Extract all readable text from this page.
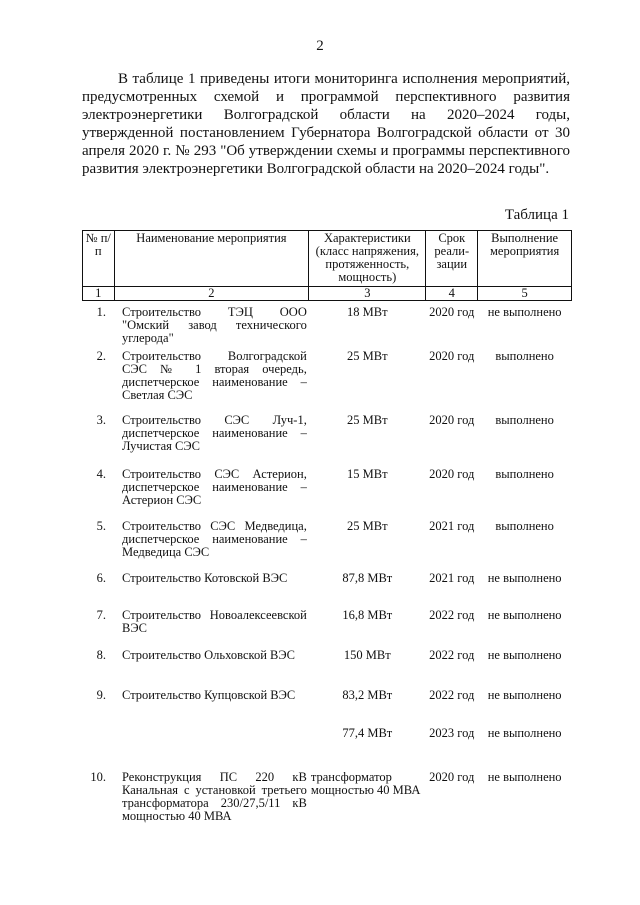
2

В таблице 1 приведены итоги мониторинга исполнения мероприятий, предусмотренных схемой и программой перспективного развития электроэнергетики Волгоградской области на 2020–2024 годы, утвержденной постановлением Губернатора Волгоградской области от 30 апреля 2020 г. № 293 "Об утверждении схемы и программы перспективного развития электроэнергетики Волгоградской области на 2020–2024 годы".

Таблица 1
№ п/п	Наименование мероприятия	Характеристики (класс напряжения, протяженность, мощность)	Срок реали-зации	Выполнение мероприятия
1	2	3	4	5
1.	Строительство ТЭЦ ООО "Омский завод технического углерода"	18 МВт	2020 год	не выполнено
2.	Строительство Волгоградской СЭС № 1 вторая очередь, диспетчерское наименование – Светлая СЭС	25 МВт	2020 год	выполнено
3.	Строительство СЭС Луч-1, диспетчерское наименование – Лучистая СЭС	25 МВт	2020 год	выполнено
4.	Строительство СЭС Астерион, диспетчерское наименование – Астерион СЭС	15 МВт	2020 год	выполнено
5.	Строительство СЭС Медведица, диспетчерское наименование – Медведица СЭС	25 МВт	2021 год	выполнено
6.	Строительство Котовской ВЭС	87,8 МВт	2021 год	не выполнено
7.	Строительство Новоалексеевской ВЭС	16,8 МВт	2022 год	не выполнено
8.	Строительство Ольховской ВЭС	150 МВт	2022 год	не выполнено
9.	Строительство Купцовской ВЭС	83,2 МВт	2022 год	не выполнено
		77,4 МВт	2023 год	не выполнено
10.	Реконструкция ПС 220 кВ Канальная с установкой третьего трансформатора 230/27,5/11 кВ мощностью 40 МВА	трансформатор мощностью 40 МВА	2020 год	не выполнено
